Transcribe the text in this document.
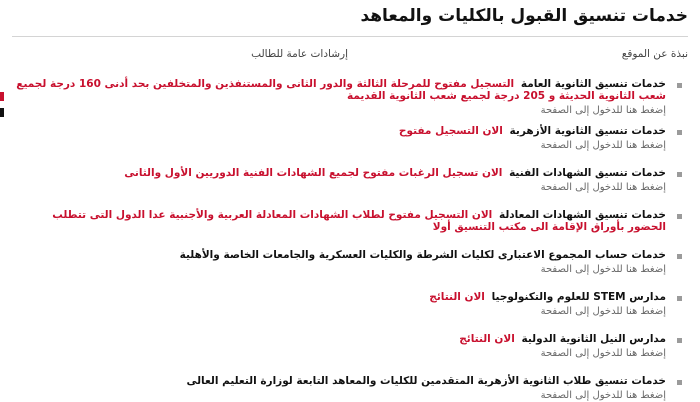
خدمات تنسيق القبول بالكليات والمعاهد
نبذة عن الموقع
إرشادات عامة للطالب
خدمات تنسيق الثانوية العامة  التسجيل مفتوح للمرحلة الثالثة والدور الثانى والمستنفذين والمتخلفين بحد أدنى 160 درجة لجميع
شعب الثانوية الحديثة و 205 درجة لجميع شعب الثانوية القديمة
إضغط هنا للدخول إلى الصفحة
خدمات تنسيق الثانوية الأزهرية  الان التسجيل مفتوح
إضغط هنا للدخول إلى الصفحة
خدمات تنسيق الشهادات الفنية  الان تسجيل الرغبات مفتوح لجميع الشهادات الفنية الدوريين الأول والثانى
إضغط هنا للدخول إلى الصفحة
خدمات تنسيق الشهادات المعادلة  الان التسجيل مفتوح لطلاب الشهادات المعادلة العربية والأجنبية عدا الدول التى تتطلب
الحضور بأوراق الإقامة الى مكتب التنسيق أولا
خدمات حساب المجموع الاعتبارى لكليات الشرطة والكليات العسكرية والجامعات الخاصة والأهلية
إضغط هنا للدخول إلى الصفحة
مدارس STEM للعلوم والتكنولوجيا  الان النتائج
إضغط هنا للدخول إلى الصفحة
مدارس النيل الثانوية الدولية  الان النتائج
إضغط هنا للدخول إلى الصفحة
خدمات تنسيق طلاب الثانوية الأزهرية المتقدمين للكليات والمعاهد التابعة لوزارة التعليم العالى
إضغط هنا للدخول إلى الصفحة
